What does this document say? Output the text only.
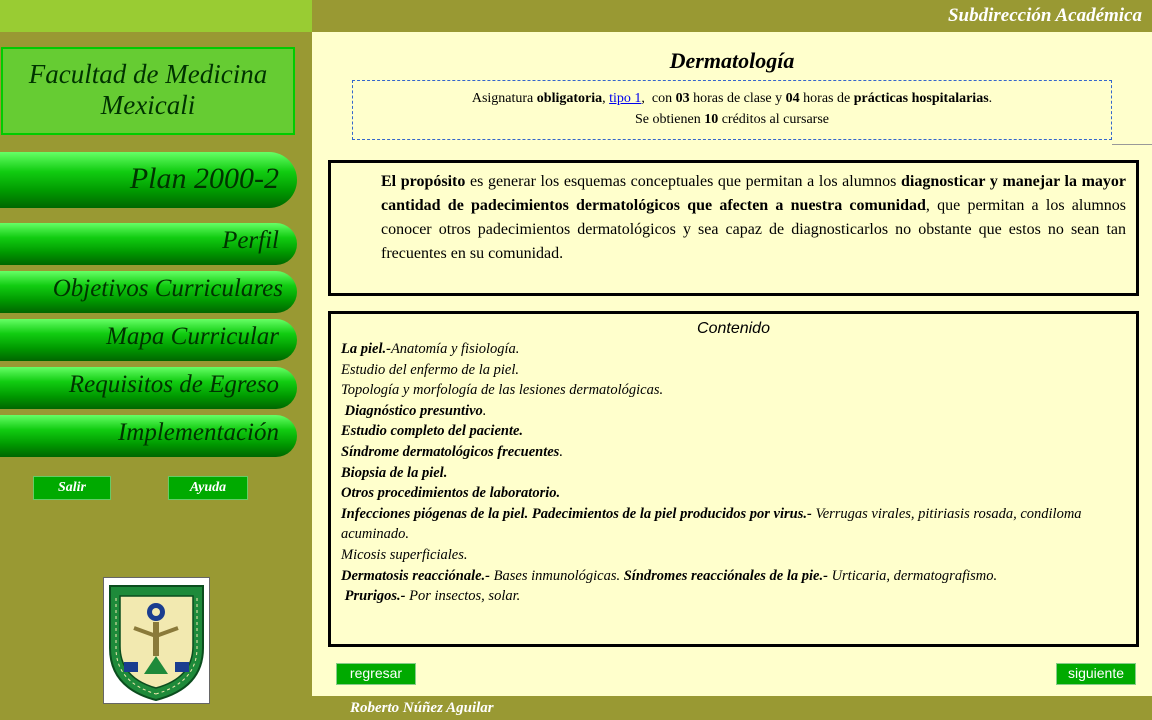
Subdirección Académica
Roberto Núñez Aguilar
Facultad de Medicina
Mexicali
Plan 2000-2
Perfil
Objetivos Curriculares
Mapa Curricular
Requisitos de Egreso
Implementación
Salir	Ayuda
Dermatología
Asignatura obligatoria, tipo 1,  con 03 horas de clase y 04 horas de prácticas hospitalarias.
Se obtienen 10 créditos al cursarse
El propósito es generar los esquemas conceptuales que permitan a los alumnos diagnosticar y manejar la mayor cantidad de padecimientos dermatológicos que afecten a nuestra comunidad, que permitan a los alumnos conocer otros padecimientos dermatológicos y sea capaz de diagnosticarlos no obstante que estos no sean tan frecuentes en su comunidad.
Contenido
La piel.-Anatomía y fisiología.
Estudio del enfermo de la piel.
Topología y morfología de las lesiones dermatológicas.
Diagnóstico presuntivo.
Estudio completo del paciente.
Síndrome dermatológicos frecuentes.
Biopsia de la piel.
Otros procedimientos de laboratorio.
Infecciones piógenas de la piel. Padecimientos de la piel producidos por virus.- Verrugas virales, pitiriasis rosada, condiloma acuminado.
Micosis superficiales.
Dermatosis reacciónale.- Bases inmunológicas. Síndromes reacciónales de la pie.- Urticaria, dermatografismo.
Prurigos.- Por insectos, solar.
regresar	siguiente
